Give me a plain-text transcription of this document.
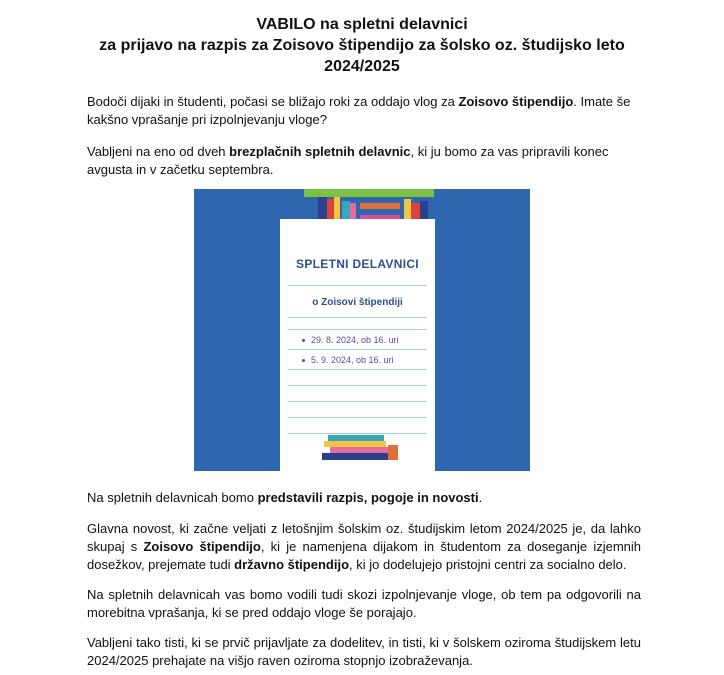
VABILO na spletni delavnici
za prijavo na razpis za Zoisovo štipendijo za šolsko oz. študijsko leto
2024/2025

Bodoči dijaki in študenti, počasi se bližajo roki za oddajo vlog za Zoisovo štipendijo. Imate še kakšno vprašanje pri izpolnjevanju vloge?

Vabljeni na eno od dveh brezplačnih spletnih delavnic, ki ju bomo za vas pripravili konec avgusta in v začetku septembra.

SPLETNI DELAVNICI
o Zoisovi štipendiji
29. 8. 2024, ob 16. uri
5. 9. 2024, ob 16. uri

Na spletnih delavnicah bomo predstavili razpis, pogoje in novosti.

Glavna novost, ki začne veljati z letošnjim šolskim oz. študijskim letom 2024/2025 je, da lahko skupaj s Zoisovo štipendijo, ki je namenjena dijakom in študentom za doseganje izjemnih dosežkov, prejemate tudi državno štipendijo, ki jo dodelujejo pristojni centri za socialno delo.

Na spletnih delavnicah vas bomo vodili tudi skozi izpolnjevanje vloge, ob tem pa odgovorili na morebitna vprašanja, ki se pred oddajo vloge še porajajo.

Vabljeni tako tisti, ki se prvič prijavljate za dodelitev, in tisti, ki v šolskem oziroma študijskem letu 2024/2025 prehajate na višjo raven oziroma stopnjo izobraževanja.
